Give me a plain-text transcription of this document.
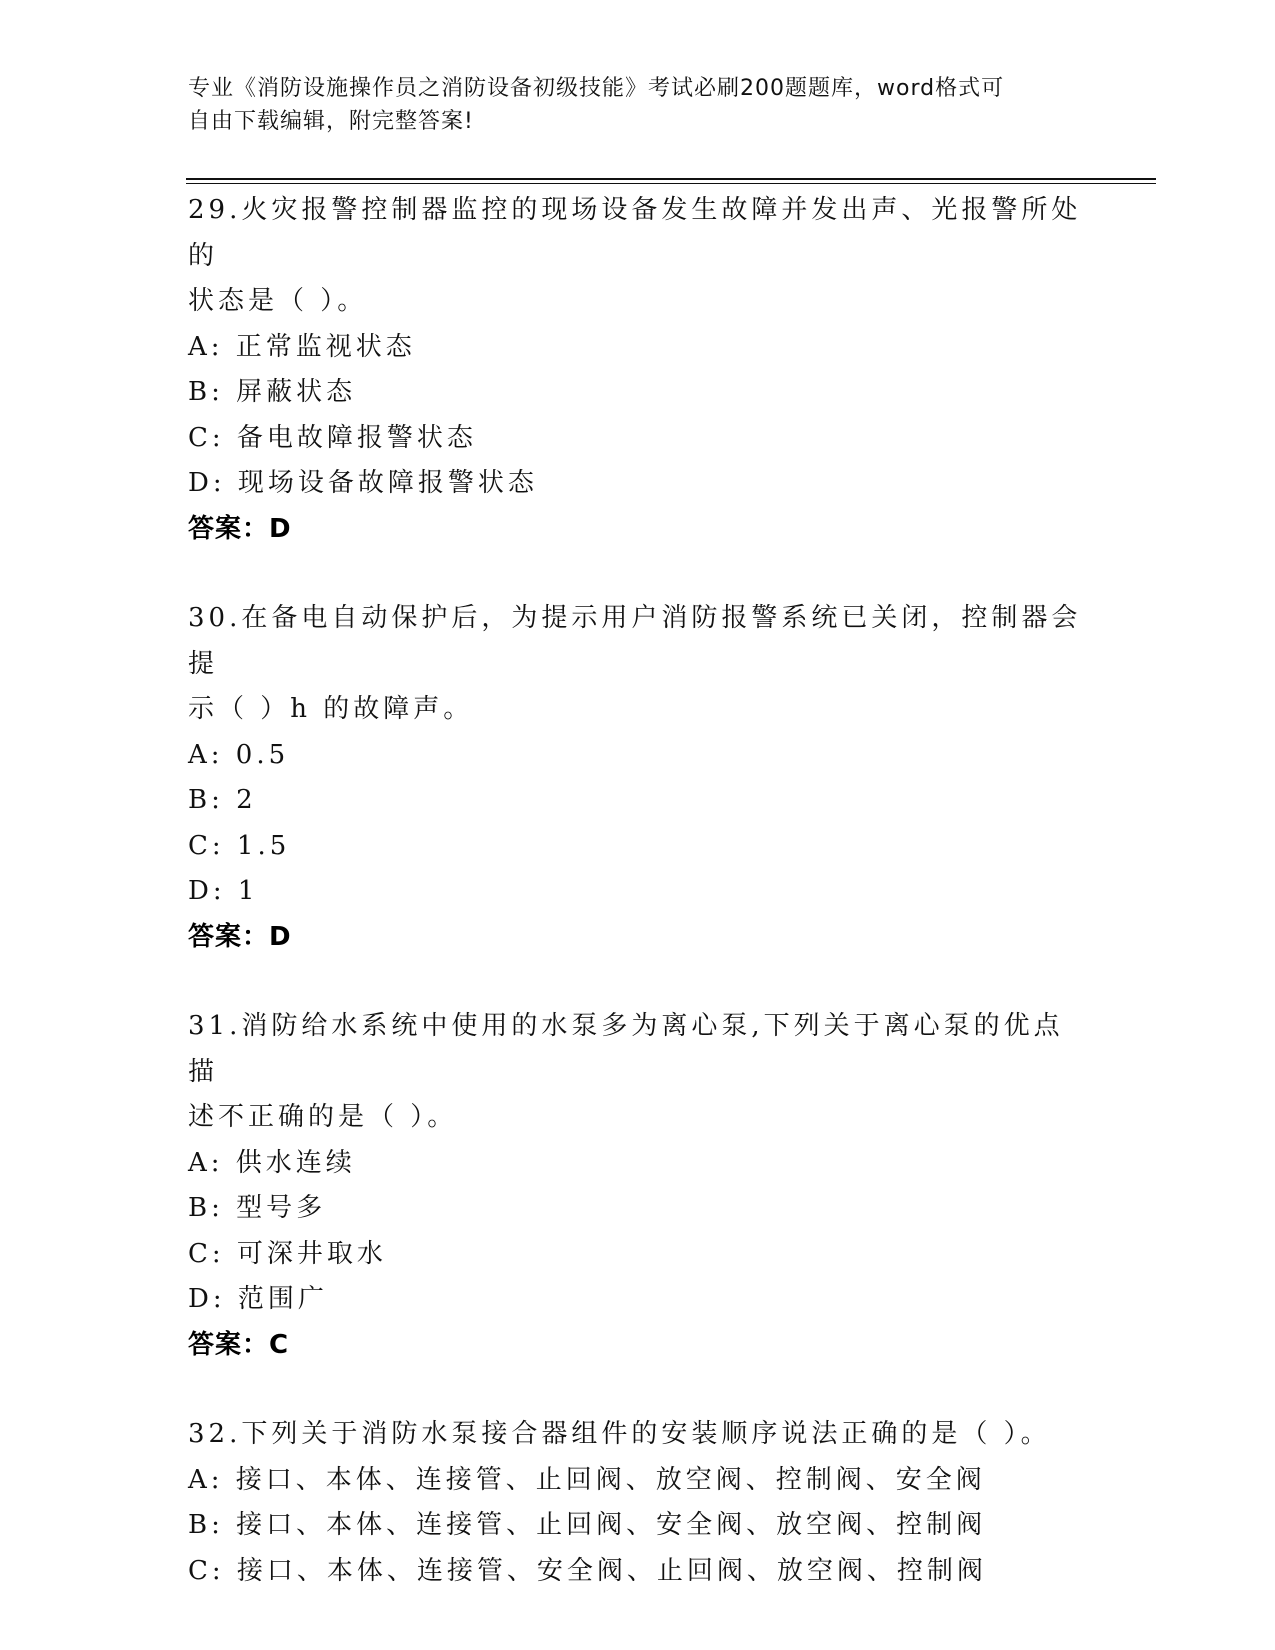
专业《消防设施操作员之消防设备初级技能》考试必刷200题题库，word格式可
自由下载编辑，附完整答案!

29.火灾报警控制器监控的现场设备发生故障并发出声、光报警所处的

状态是（ ）。

A: 正常监视状态

B: 屏蔽状态

C: 备电故障报警状态

D: 现场设备故障报警状态

答案：D

30.在备电自动保护后，为提示用户消防报警系统已关闭，控制器会提

示（ ）h 的故障声。

A: 0.5

B: 2

C: 1.5

D: 1

答案：D

31.消防给水系统中使用的水泵多为离心泵,下列关于离心泵的优点描

述不正确的是（ ）。

A: 供水连续

B: 型号多

C: 可深井取水

D: 范围广

答案：C

32.下列关于消防水泵接合器组件的安装顺序说法正确的是（ ）。

A: 接口、本体、连接管、止回阀、放空阀、控制阀、安全阀

B: 接口、本体、连接管、止回阀、安全阀、放空阀、控制阀

C: 接口、本体、连接管、安全阀、止回阀、放空阀、控制阀
